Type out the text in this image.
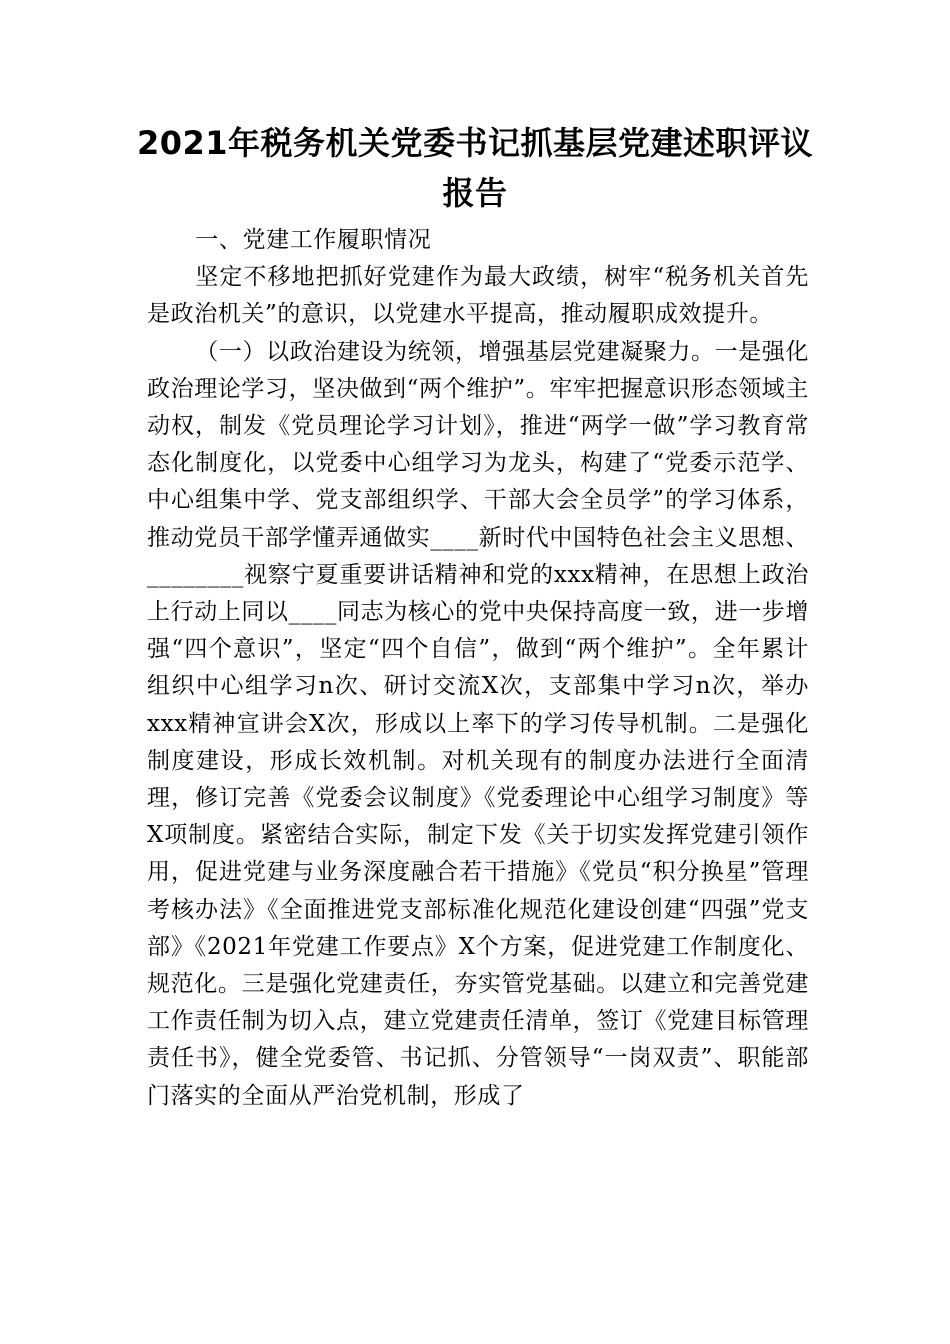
2021年税务机关党委书记抓基层党建述职评议报告

一、党建工作履职情况

坚定不移地把抓好党建作为最大政绩，树牢“税务机关首先是政治机关”的意识，以党建水平提高，推动履职成效提升。

（一）以政治建设为统领，增强基层党建凝聚力。一是强化政治理论学习，坚决做到“两个维护”。牢牢把握意识形态领域主动权，制发《党员理论学习计划》，推进“两学一做”学习教育常态化制度化，以党委中心组学习为龙头，构建了“党委示范学、中心组集中学、党支部组织学、干部大会全员学”的学习体系，推动党员干部学懂弄通做实____新时代中国特色社会主义思想、________视察宁夏重要讲话精神和党的xxx精神，在思想上政治上行动上同以____同志为核心的党中央保持高度一致，进一步增强“四个意识”，坚定“四个自信”，做到“两个维护”。全年累计组织中心组学习n次、研讨交流X次，支部集中学习n次，举办xxx精神宣讲会X次，形成以上率下的学习传导机制。二是强化制度建设，形成长效机制。对机关现有的制度办法进行全面清理，修订完善《党委会议制度》《党委理论中心组学习制度》等X项制度。紧密结合实际，制定下发《关于切实发挥党建引领作用，促进党建与业务深度融合若干措施》《党员“积分换星”管理考核办法》《全面推进党支部标准化规范化建设创建“四强”党支部》《2021年党建工作要点》X个方案，促进党建工作制度化、规范化。三是强化党建责任，夯实管党基础。以建立和完善党建工作责任制为切入点，建立党建责任清单，签订《党建目标管理责任书》，健全党委管、书记抓、分管领导“一岗双责”、职能部门落实的全面从严治党机制，形成了
